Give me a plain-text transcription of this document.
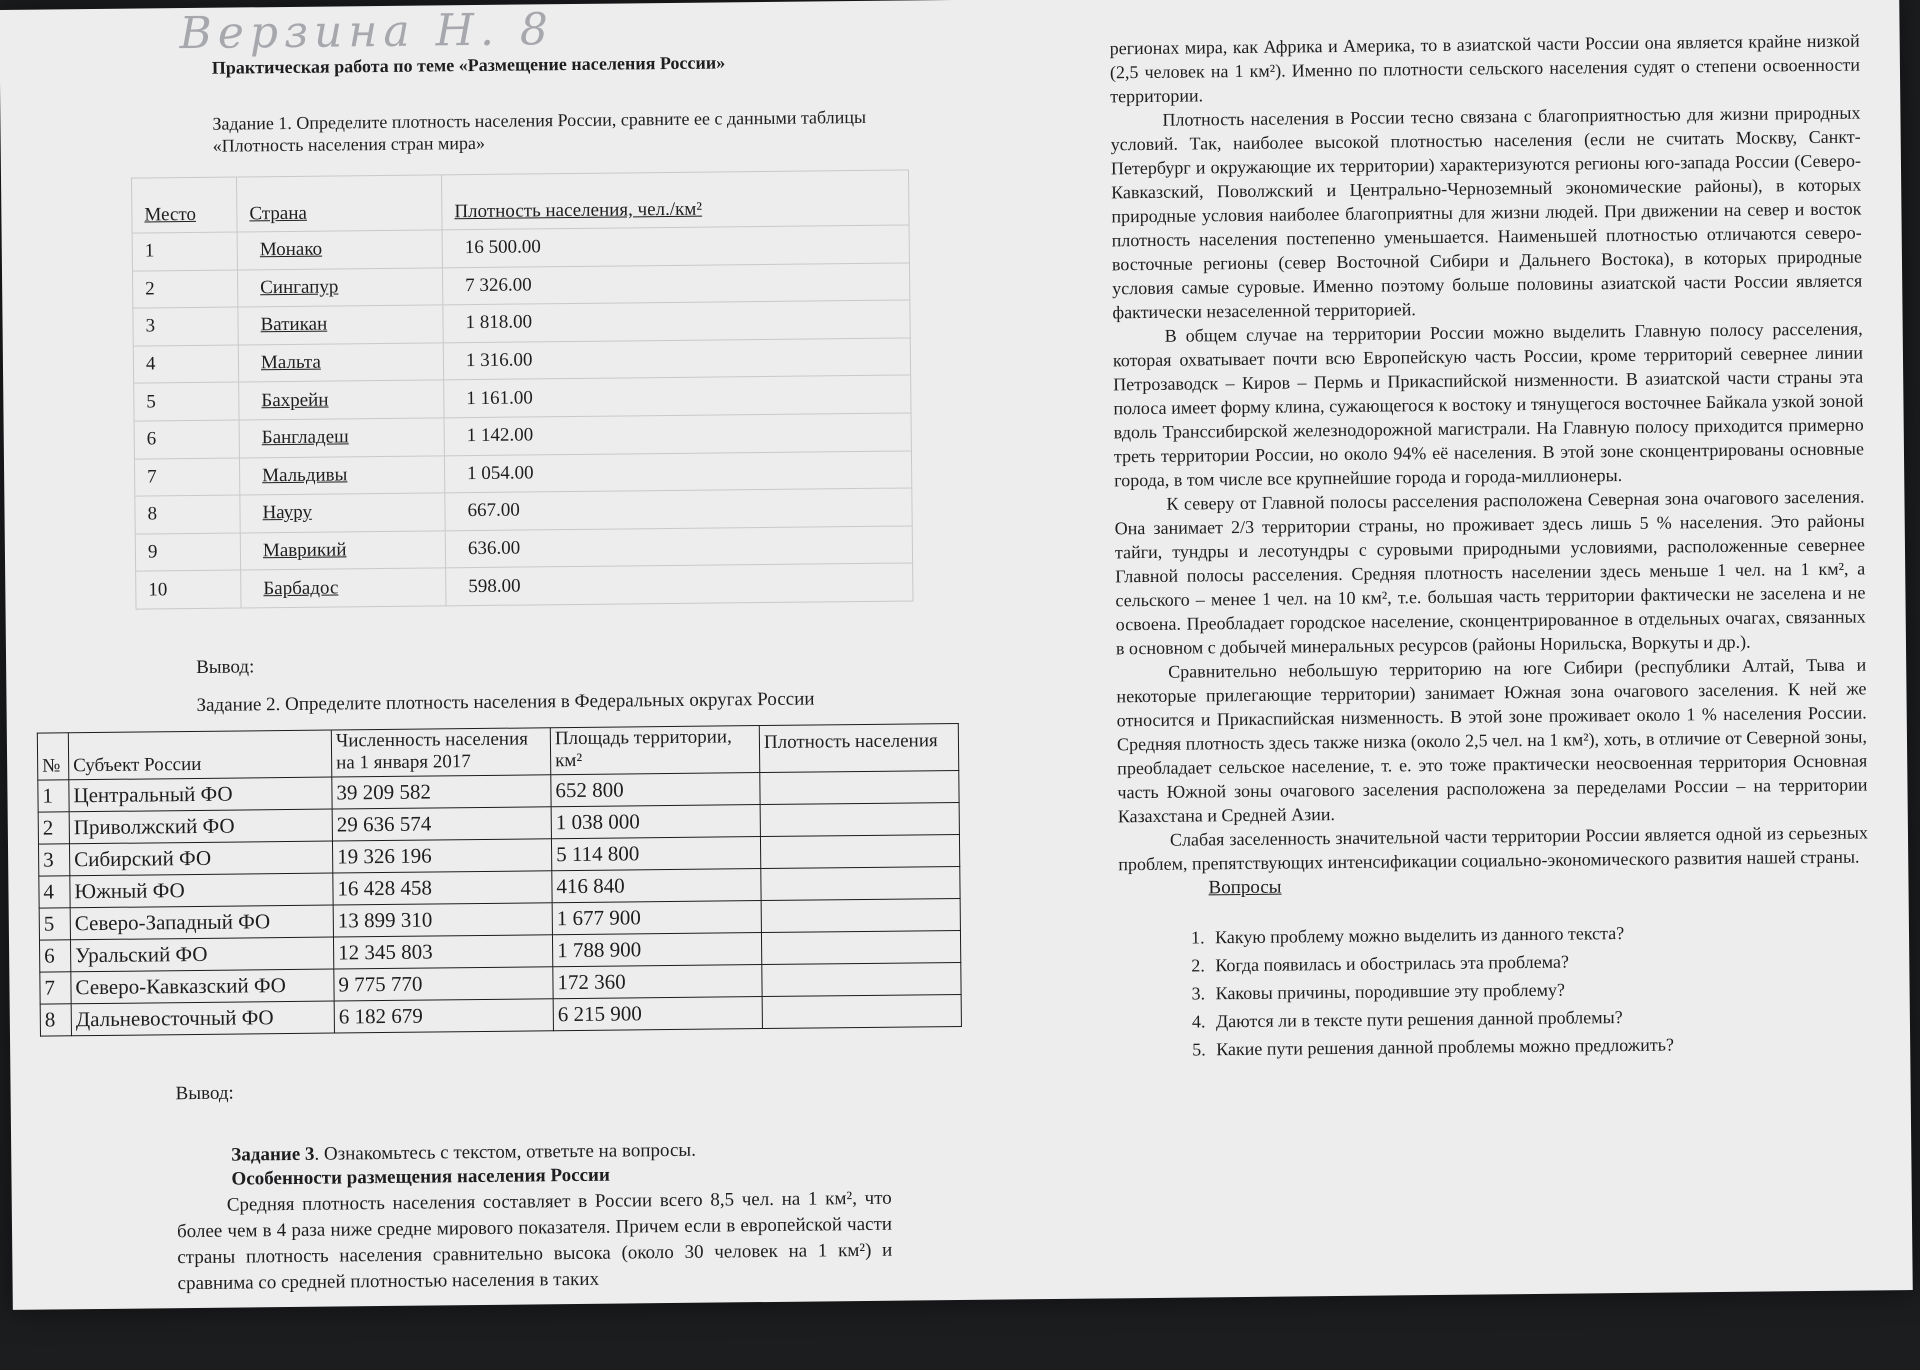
Верзина Н. 8
Практическая работа по теме «Размещение населения России»
Задание 1. Определите плотность населения России, сравните ее с данными таблицы «Плотность населения стран мира»
Место	Страна	Плотность населения, чел./км²
1	Монако	16 500.00
2	Сингапур	7 326.00
3	Ватикан	1 818.00
4	Мальта	1 316.00
5	Бахрейн	1 161.00
6	Бангладеш	1 142.00
7	Мальдивы	1 054.00
8	Науру	667.00
9	Маврикий	636.00
10	Барбадос	598.00
Вывод:
Задание 2. Определите плотность населения в Федеральных округах России
№	Субъект России	Численность населения на 1 января 2017	Площадь территории, км²	Плотность населения
1	Центральный ФО	39 209 582	652 800	
2	Приволжский ФО	29 636 574	1 038 000	
3	Сибирский ФО	19 326 196	5 114 800	
4	Южный ФО	16 428 458	416 840	
5	Северо-Западный ФО	13 899 310	1 677 900	
6	Уральский ФО	12 345 803	1 788 900	
7	Северо-Кавказский ФО	9 775 770	172 360	
8	Дальневосточный ФО	6 182 679	6 215 900	
Вывод:
Задание 3. Ознакомьтесь с текстом, ответьте на вопросы.
Особенности размещения населения России

Средняя плотность населения составляет в России всего 8,5 чел. на 1 км², что более чем в 4 раза ниже средне мирового показателя. Причем если в европейской части страны плотность населения сравнительно высока (около 30 человек на 1 км²) и сравнима со средней плотностью населения в таких

регионах мира, как Африка и Америка, то в азиатской части России она является крайне низкой (2,5 человек на 1 км²). Именно по плотности сельского населения судят о степени освоенности территории.

Плотность населения в России тесно связана с благоприятностью для жизни природных условий. Так, наиболее высокой плотностью населения (если не считать Москву, Санкт-Петербург и окружающие их территории) характеризуются регионы юго-запада России (Северо-Кавказский, Поволжский и Центрально-Черноземный экономические районы), в которых природные условия наиболее благоприятны для жизни людей. При движении на север и восток плотность населения постепенно уменьшается. Наименьшей плотностью отличаются северо-восточные регионы (север Восточной Сибири и Дальнего Востока), в которых природные условия самые суровые. Именно поэтому больше половины азиатской части России является фактически незаселенной территорией.

В общем случае на территории России можно выделить Главную полосу расселения, которая охватывает почти всю Европейскую часть России, кроме территорий севернее линии Петрозаводск – Киров – Пермь и Прикаспийской низменности. В азиатской части страны эта полоса имеет форму клина, сужающегося к востоку и тянущегося восточнее Байкала узкой зоной вдоль Транссибирской железнодорожной магистрали. На Главную полосу приходится примерно треть территории России, но около 94% её населения. В этой зоне сконцентрированы основные города, в том числе все крупнейшие города и города-миллионеры.

К северу от Главной полосы расселения расположена Северная зона очагового заселения. Она занимает 2/3 территории страны, но проживает здесь лишь 5 % населения. Это районы тайги, тундры и лесотундры с суровыми природными условиями, расположенные севернее Главной полосы расселения. Средняя плотность населении здесь меньше 1 чел. на 1 км², а сельского – менее 1 чел. на 10 км², т.е. большая часть территории фактически не заселена и не освоена. Преобладает городское население, сконцентрированное в отдельных очагах, связанных в основном с добычей минеральных ресурсов (районы Норильска, Воркуты и др.).

Сравнительно небольшую территорию на юге Сибири (республики Алтай, Тыва и некоторые прилегающие территории) занимает Южная зона очагового заселения. К ней же относится и Прикаспийская низменность. В этой зоне проживает около 1 % населения России. Средняя плотность здесь также низка (около 2,5 чел. на 1 км²), хоть, в отличие от Северной зоны, преобладает сельское население, т. е. это тоже практически неосвоенная территория Основная часть Южной зоны очагового заселения расположена за переделами России – на территории Казахстана и Средней Азии.

Слабая заселенность значительной части территории России является одной из серьезных проблем, препятствующих интенсификации социально-экономического развития нашей страны.

Вопросы
1. Какую проблему можно выделить из данного текста?
2. Когда появилась и обострилась эта проблема?
3. Каковы причины, породившие эту проблему?
4. Даются ли в тексте пути решения данной проблемы?
5. Какие пути решения данной проблемы можно предложить?
